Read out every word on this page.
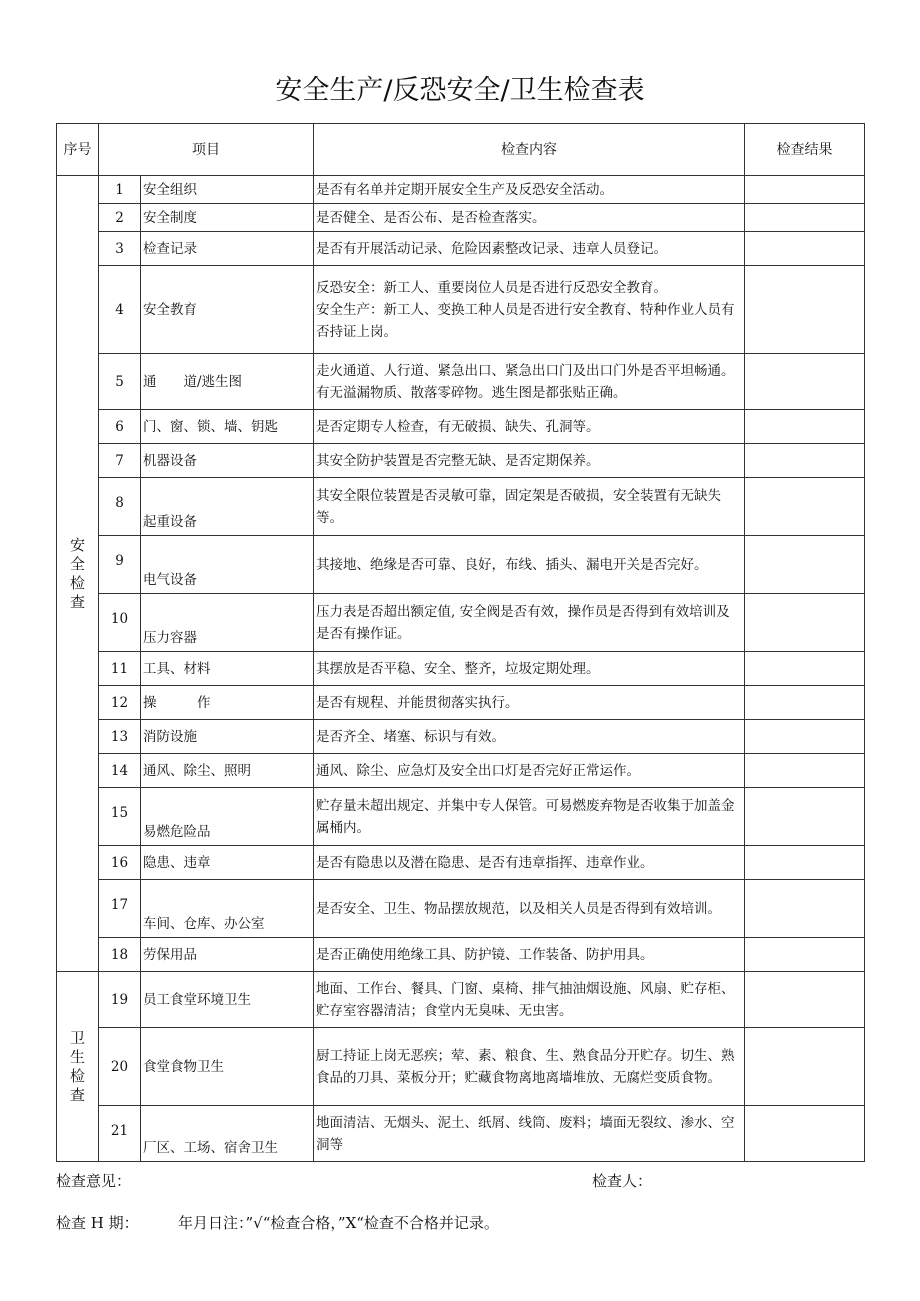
安全生产/反恐安全/卫生检查表
序号	项目		检查内容	检查结果

安
全
检
查	1	安全组织	是否有名单并定期开展安全生产及反恐安全活动。	

	2	安全制度	是否健全、是否公布、是否检查落实。	

	3	检查记录	是否有开展活动记录、危险因素整改记录、违章人员登记。	

	4	安全教育	反恐安全：新工人、重要岗位人员是否进行反恐安全教育。

安全生产：新工人、变换工种人员是否进行安全教育、特种作业人员有否持证上岗。	

	5	通　　道/逃生图	走火通道、人行道、紧急出口、紧急出口门及出口门外是否平坦畅通。有无溢漏物质、散落零碎物。逃生图是都张贴正确。	

	6	门、窗、锁、墙、钥匙	是否定期专人检查，有无破损、缺失、孔洞等。	

	7	机器设备	其安全防护装置是否完整无缺、是否定期保养。	

	8	起重设备	其安全限位装置是否灵敏可靠，固定架是否破损，安全装置有无缺失等。	

	9	电气设备	其接地、绝缘是否可靠、良好，布线、插头、漏电开关是否完好。	

	10	压力容器	压力表是否超出额定值, 安全阀是否有效，操作员是否得到有效培训及是否有操作证。	

	11	工具、材料	其摆放是否平稳、安全、整齐，垃圾定期处理。	

	12	操　　　作	是否有规程、并能贯彻落实执行。	

	13	消防设施	是否齐全、堵塞、标识与有效。	

	14	通风、除尘、照明	通风、除尘、应急灯及安全出口灯是否完好正常运作。	

	15	易燃危险品	贮存量未超出规定、并集中专人保管。可易燃废弃物是否收集于加盖金属桶内。	

	16	隐患、违章	是否有隐患以及潜在隐患、是否有违章指挥、违章作业。	

	17	车间、仓库、办公室	是否安全、卫生、物品摆放规范，以及相关人员是否得到有效培训。	

	18	劳保用品	是否正确使用绝缘工具、防护镜、工作装备、防护用具。	

卫
生
检
查	19	员工食堂环境卫生	地面、工作台、餐具、门窗、桌椅、排气抽油烟设施、风扇、贮存柜、贮存室容器清洁；食堂内无臭味、无虫害。	

	20	食堂食物卫生	厨工持证上岗无恶疾；荤、素、粮食、生、熟食品分开贮存。切生、熟食品的刀具、菜板分开；贮藏食物离地离墙堆放、无腐烂变质食物。	

	21	厂区、工场、宿舍卫生	地面清洁、无烟头、泥土、纸屑、线筒、废料；墙面无裂纹、渗水、空洞等	

检查意见：	检查人：
检查 H 期：	年月日注：”√“检查合格，”X“检查不合格并记录。
